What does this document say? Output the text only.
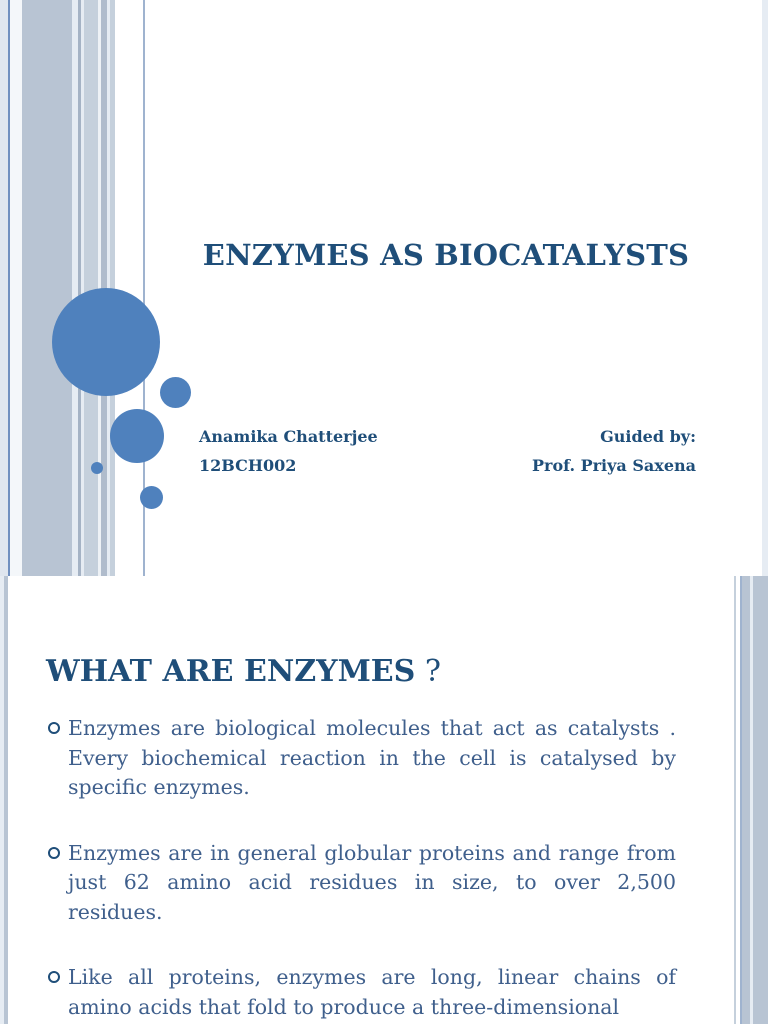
ENZYMES AS BIOCATALYSTS
Anamika Chatterjee
12BCH002
Guided by:
Prof. Priya Saxena
WHAT ARE ENZYMES ?
Enzymes are biological molecules that act as catalysts . Every biochemical reaction in the cell is catalysed by specific enzymes.
Enzymes are in general globular proteins and range from just 62 amino acid residues in size, to over 2,500 residues.
Like all proteins, enzymes are long, linear chains of amino acids that fold to produce a three-dimensional
